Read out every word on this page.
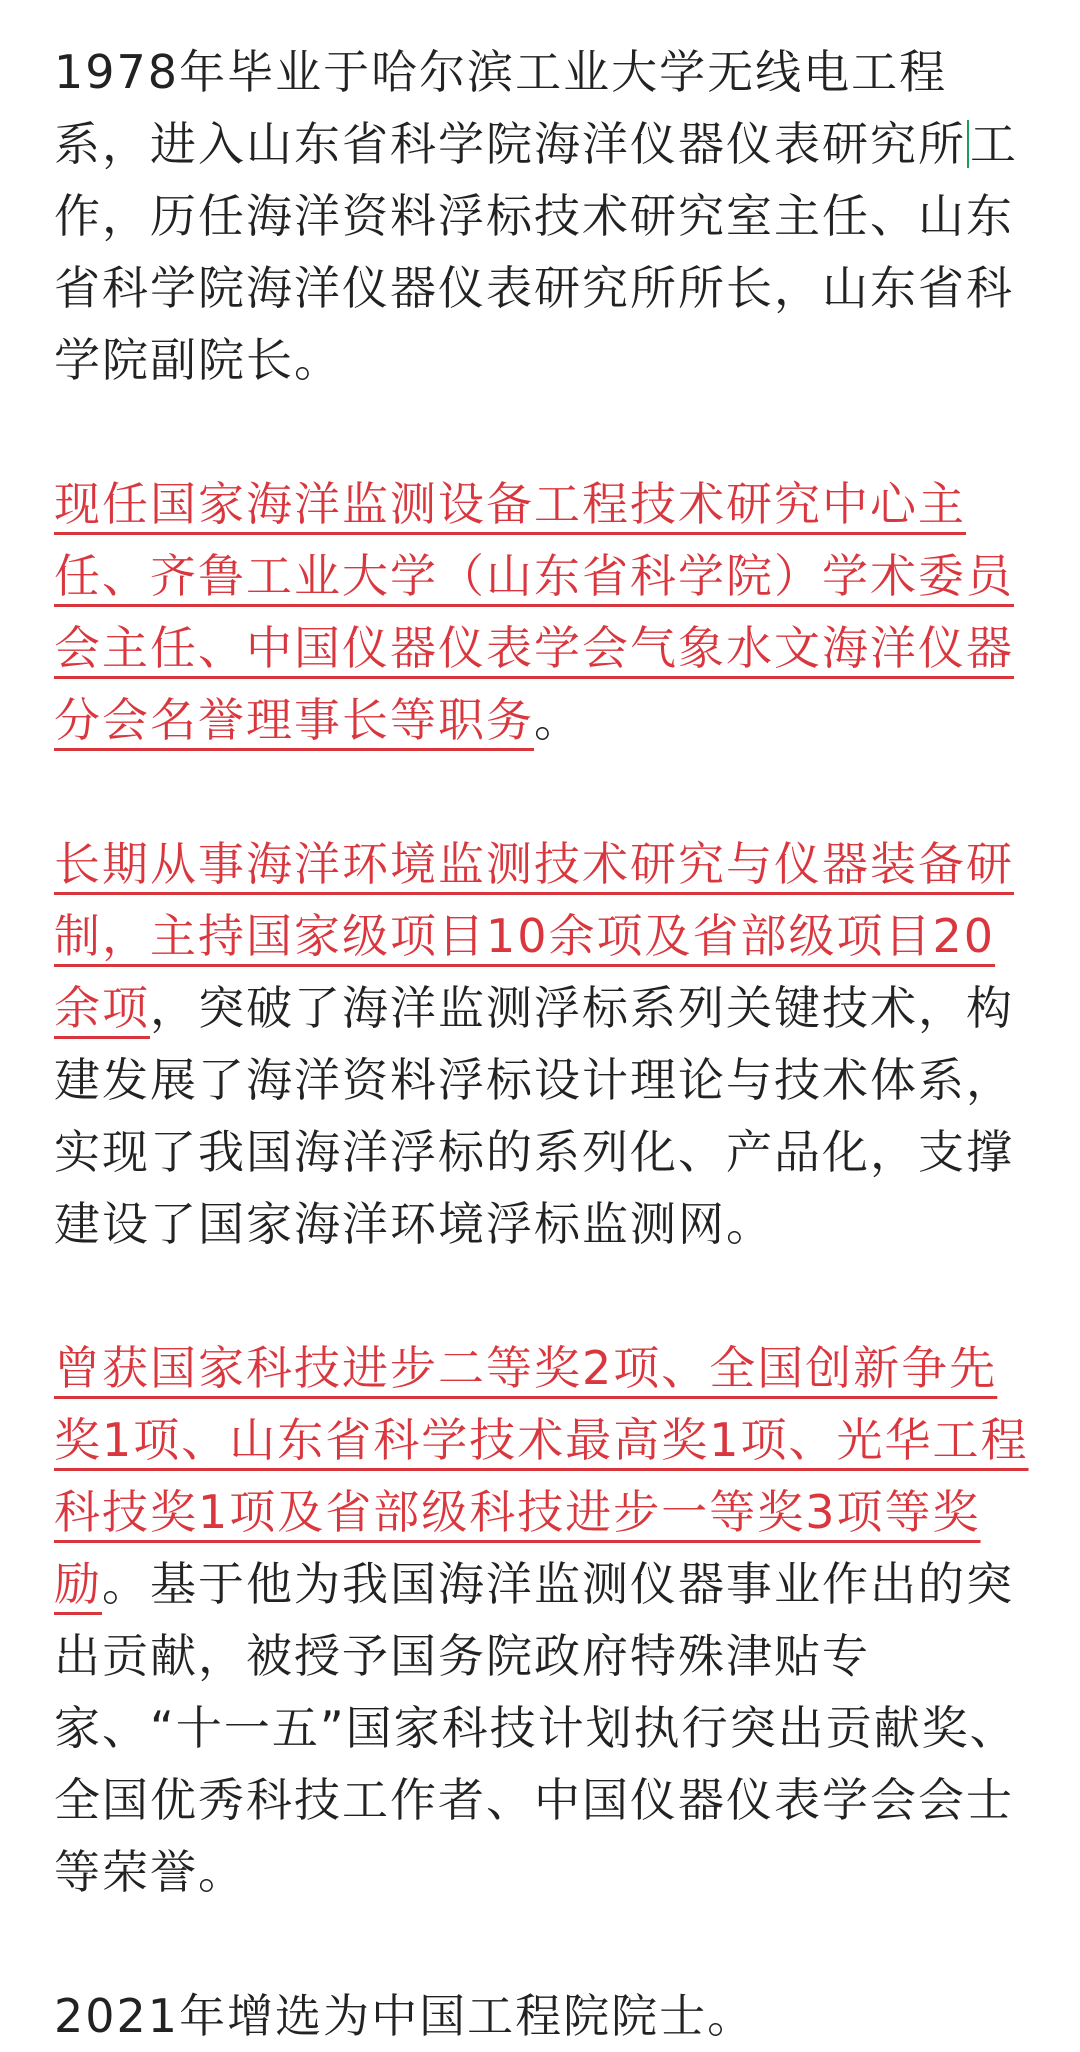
1978年毕业于哈尔滨工业大学无线电工程系，进入山东省科学院海洋仪器仪表研究所工作，历任海洋资料浮标技术研究室主任、山东省科学院海洋仪器仪表研究所所长，山东省科学院副院长。

现任国家海洋监测设备工程技术研究中心主任、齐鲁工业大学（山东省科学院）学术委员会主任、中国仪器仪表学会气象水文海洋仪器分会名誉理事长等职务。

长期从事海洋环境监测技术研究与仪器装备研制，主持国家级项目10余项及省部级项目20余项，突破了海洋监测浮标系列关键技术，构建发展了海洋资料浮标设计理论与技术体系，实现了我国海洋浮标的系列化、产品化，支撑建设了国家海洋环境浮标监测网。

曾获国家科技进步二等奖2项、全国创新争先奖1项、山东省科学技术最高奖1项、光华工程科技奖1项及省部级科技进步一等奖3项等奖励。基于他为我国海洋监测仪器事业作出的突出贡献，被授予国务院政府特殊津贴专家、“十一五”国家科技计划执行突出贡献奖、全国优秀科技工作者、中国仪器仪表学会会士等荣誉。

2021年增选为中国工程院院士。
